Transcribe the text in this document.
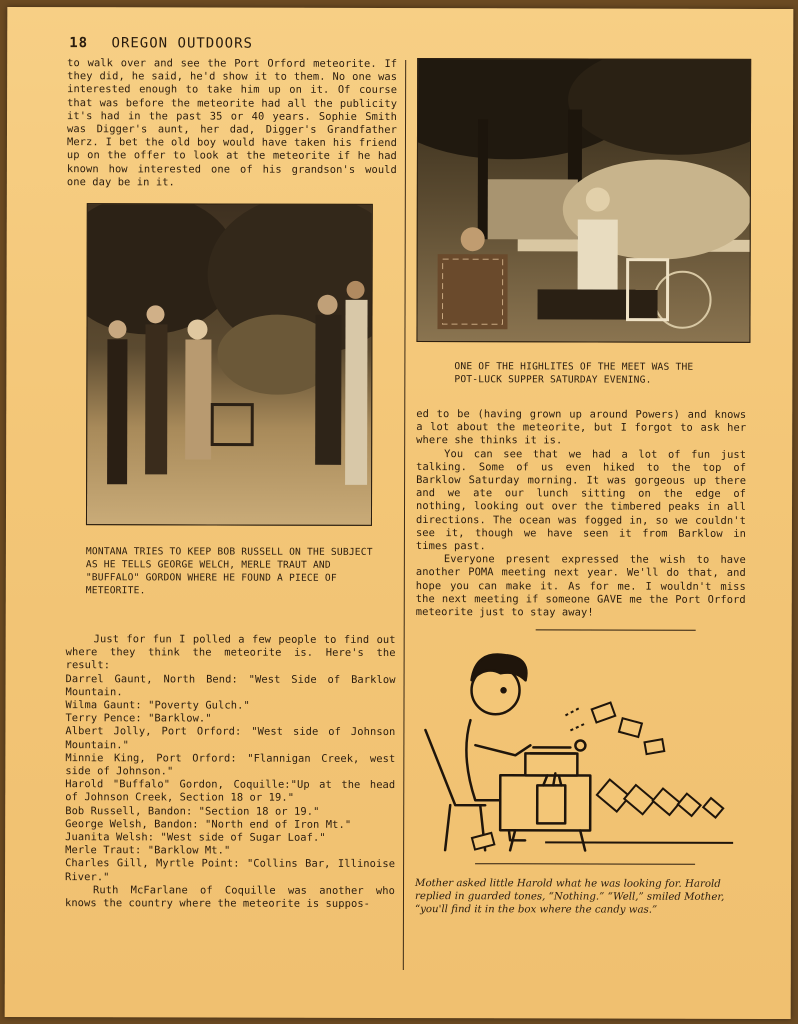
18 OREGON OUTDOORS

to walk over and see the Port Orford meteorite. If they did, he said, he'd show it to them. No one was interested enough to take him up on it. Of course that was before the meteorite had all the publicity it's had in the past 35 or 40 years. Sophie Smith was Digger's aunt, her dad, Digger's Grandfather Merz. I bet the old boy would have taken his friend up on the offer to look at the meteorite if he had known how interested one of his grandson's would one day be in it.

MONTANA TRIES TO KEEP BOB RUSSELL ON THE SUBJECT AS HE TELLS GEORGE WELCH, MERLE TRAUT AND "BUFFALO" GORDON WHERE HE FOUND A PIECE OF METEORITE.

Just for fun I polled a few people to find out where they think the meteorite is. Here's the result:

Darrel Gaunt, North Bend: "West Side of Barklow Mountain.

Wilma Gaunt: "Poverty Gulch."

Terry Pence: "Barklow."

Albert Jolly, Port Orford: "West side of Johnson Mountain."

Minnie King, Port Orford: "Flannigan Creek, west side of Johnson."

Harold "Buffalo" Gordon, Coquille:"Up at the head of Johnson Creek, Section 18 or 19."

Bob Russell, Bandon: "Section 18 or 19."

George Welsh, Bandon: "North end of Iron Mt."

Juanita Welsh: "West side of Sugar Loaf."

Merle Traut: "Barklow Mt."

Charles Gill, Myrtle Point: "Collins Bar, Illinoise River."

Ruth McFarlane of Coquille was another who knows the country where the meteorite is suppos-

ONE OF THE HIGHLITES OF THE MEET WAS THE POT-LUCK SUPPER SATURDAY EVENING.

ed to be (having grown up around Powers) and knows a lot about the meteorite, but I forgot to ask her where she thinks it is.

You can see that we had a lot of fun just talking. Some of us even hiked to the top of Barklow Saturday morning. It was gorgeous up there and we ate our lunch sitting on the edge of nothing, looking out over the timbered peaks in all directions. The ocean was fogged in, so we couldn't see it, though we have seen it from Barklow in times past.

Everyone present expressed the wish to have another POMA meeting next year. We'll do that, and hope you can make it. As for me. I wouldn't miss the next meeting if someone GAVE me the Port Orford meteorite just to stay away!

Mother asked little Harold what he was looking for. Harold replied in guarded tones, “Nothing.” “Well,” smiled Mother, “you'll find it in the box where the candy was.”
